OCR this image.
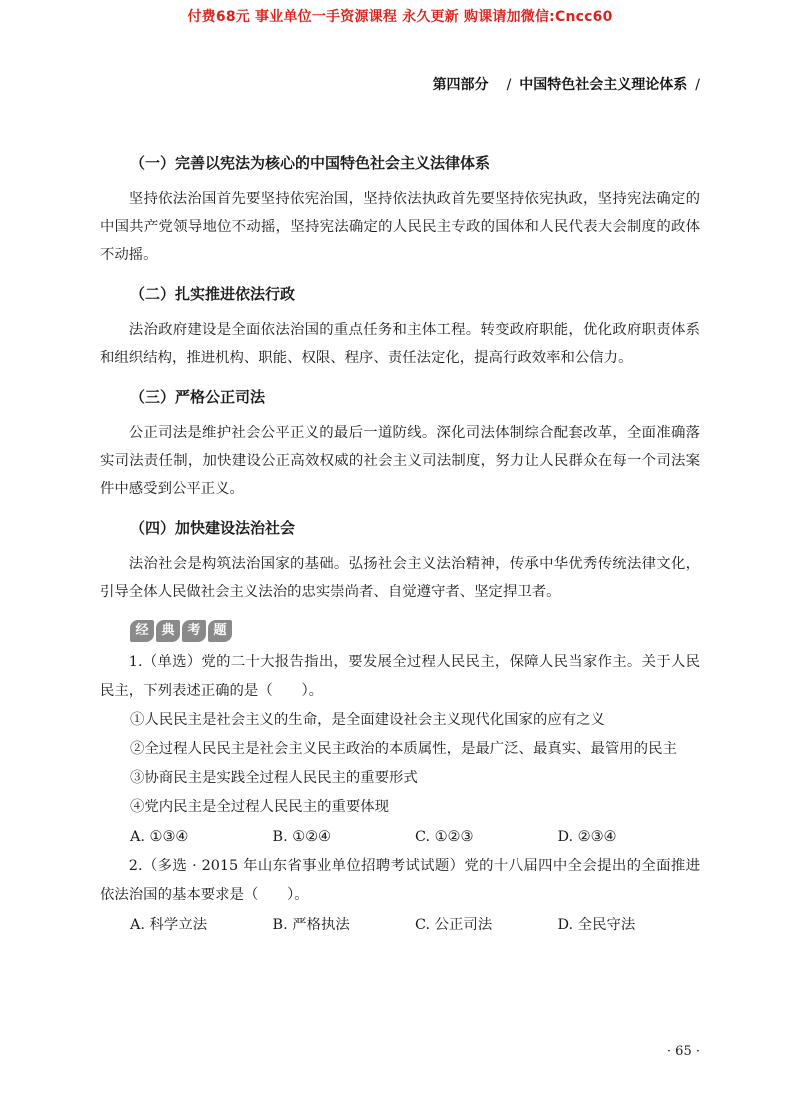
付费68元 事业单位一手资源课程 永久更新 购课请加微信:Cncc60
第四部分 / 中国特色社会主义理论体系 /
（一）完善以宪法为核心的中国特色社会主义法律体系

坚持依法治国首先要坚持依宪治国，坚持依法执政首先要坚持依宪执政，坚持宪法确定的中国共产党领导地位不动摇，坚持宪法确定的人民民主专政的国体和人民代表大会制度的政体不动摇。

（二）扎实推进依法行政

法治政府建设是全面依法治国的重点任务和主体工程。转变政府职能，优化政府职责体系和组织结构，推进机构、职能、权限、程序、责任法定化，提高行政效率和公信力。

（三）严格公正司法

公正司法是维护社会公平正义的最后一道防线。深化司法体制综合配套改革，全面准确落实司法责任制，加快建设公正高效权威的社会主义司法制度，努力让人民群众在每一个司法案件中感受到公平正义。

（四）加快建设法治社会

法治社会是构筑法治国家的基础。弘扬社会主义法治精神，传承中华优秀传统法律文化，引导全体人民做社会主义法治的忠实崇尚者、自觉遵守者、坚定捍卫者。

经 典 考 题

1.（单选）党的二十大报告指出，要发展全过程人民民主，保障人民当家作主。关于人民民主，下列表述正确的是（　　）。

①人民民主是社会主义的生命，是全面建设社会主义现代化国家的应有之义
②全过程人民民主是社会主义民主政治的本质属性，是最广泛、最真实、最管用的民主
③协商民主是实践全过程人民民主的重要形式
④党内民主是全过程人民民主的重要体现
A. ①③④	B. ①②④	C. ①②③	D. ②③④

2.（多选 · 2015 年山东省事业单位招聘考试试题）党的十八届四中全会提出的全面推进依法治国的基本要求是（　　）。

A. 科学立法	B. 严格执法	C. 公正司法	D. 全民守法
· 65 ·
